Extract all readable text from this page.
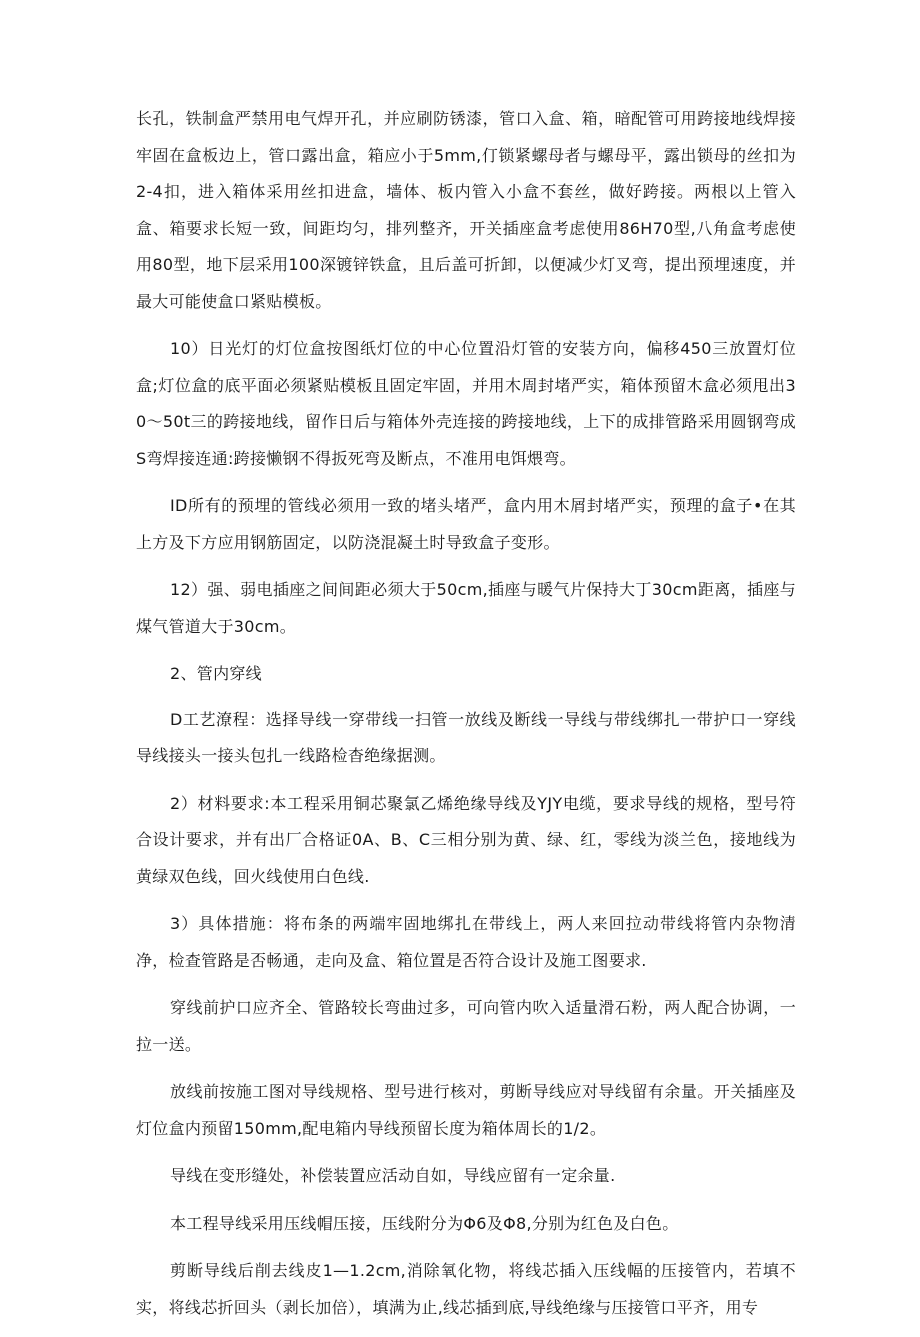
长孔，铁制盒严禁用电气焊开孔，并应刷防锈漆，管口入盒、箱，暗配管可用跨接地线焊接牢固在盒板边上，管口露出盒，箱应小于5mm,仃锁紧螺母者与螺母平，露出锁母的丝扣为2-4扣，进入箱体采用丝扣进盒，墙体、板内管入小盒不套丝，做好跨接。两根以上管入盒、箱要求长短一致，间距均匀，排列整齐，开关插座盒考虑使用86H70型,八角盒考虑使用80型，地下层采用100深镀锌铁盒，且后盖可折卸，以便减少灯叉弯，提出预埋速度，并最大可能使盒口紧贴模板。

10）日光灯的灯位盒按图纸灯位的中心位置沿灯管的安装方向，偏移450三放置灯位盒;灯位盒的底平面必须紧贴模板且固定牢固，并用木周封堵严实，箱体预留木盒必须甩出30〜50t三的跨接地线，留作日后与箱体外壳连接的跨接地线，上下的成排管路采用圆钢弯成S弯焊接连通:跨接懒钢不得扳死弯及断点，不准用电饵煨弯。

ID所有的预埋的管线必须用一致的堵头堵严，盒内用木屑封堵严实，预理的盒子•在其上方及下方应用钢筋固定，以防浇混凝土时导致盒子变形。

12）强、弱电插座之间间距必须大于50cm,插座与暖气片保持大丁30cm距离，插座与煤气管道大于30cm。

2、管内穿线

D工艺潦程：选择导线一穿带线一扫管一放线及断线一导线与带线绑扎一带护口一穿线导线接头一接头包扎一线路检杳绝缘据测。

2）材料要求:本工程采用铜芯聚氯乙烯绝缘导线及YJY电缆，要求导线的规格，型号符合设计要求，并有出厂合格证0A、B、C三相分别为黄、绿、红，零线为淡兰色，接地线为黄绿双色线，回火线使用白色线.

3）具体措施：将布条的两端牢固地绑扎在带线上，两人来回拉动带线将管内杂物清净，检查管路是否畅通，走向及盒、箱位置是否符合设计及施工图要求.

穿线前护口应齐全、管路较长弯曲过多，可向管内吹入适量滑石粉，两人配合协调，一拉一送。

放线前按施工图对导线规格、型号进行核对，剪断导线应对导线留有余量。开关插座及灯位盒内预留150mm,配电箱内导线预留长度为箱体周长的1/2。

导线在变形缝处，补偿装置应活动自如，导线应留有一定余量.

本工程导线采用压线帽压接，压线附分为Φ6及Φ8,分别为红色及白色。

剪断导线后削去线皮1—1.2cm,消除氧化物，将线芯插入压线幅的压接管内，若填不实，将线芯折回头（剥长加倍），填满为止,线芯插到底,导线绝缘与压接管口平齐，用专
